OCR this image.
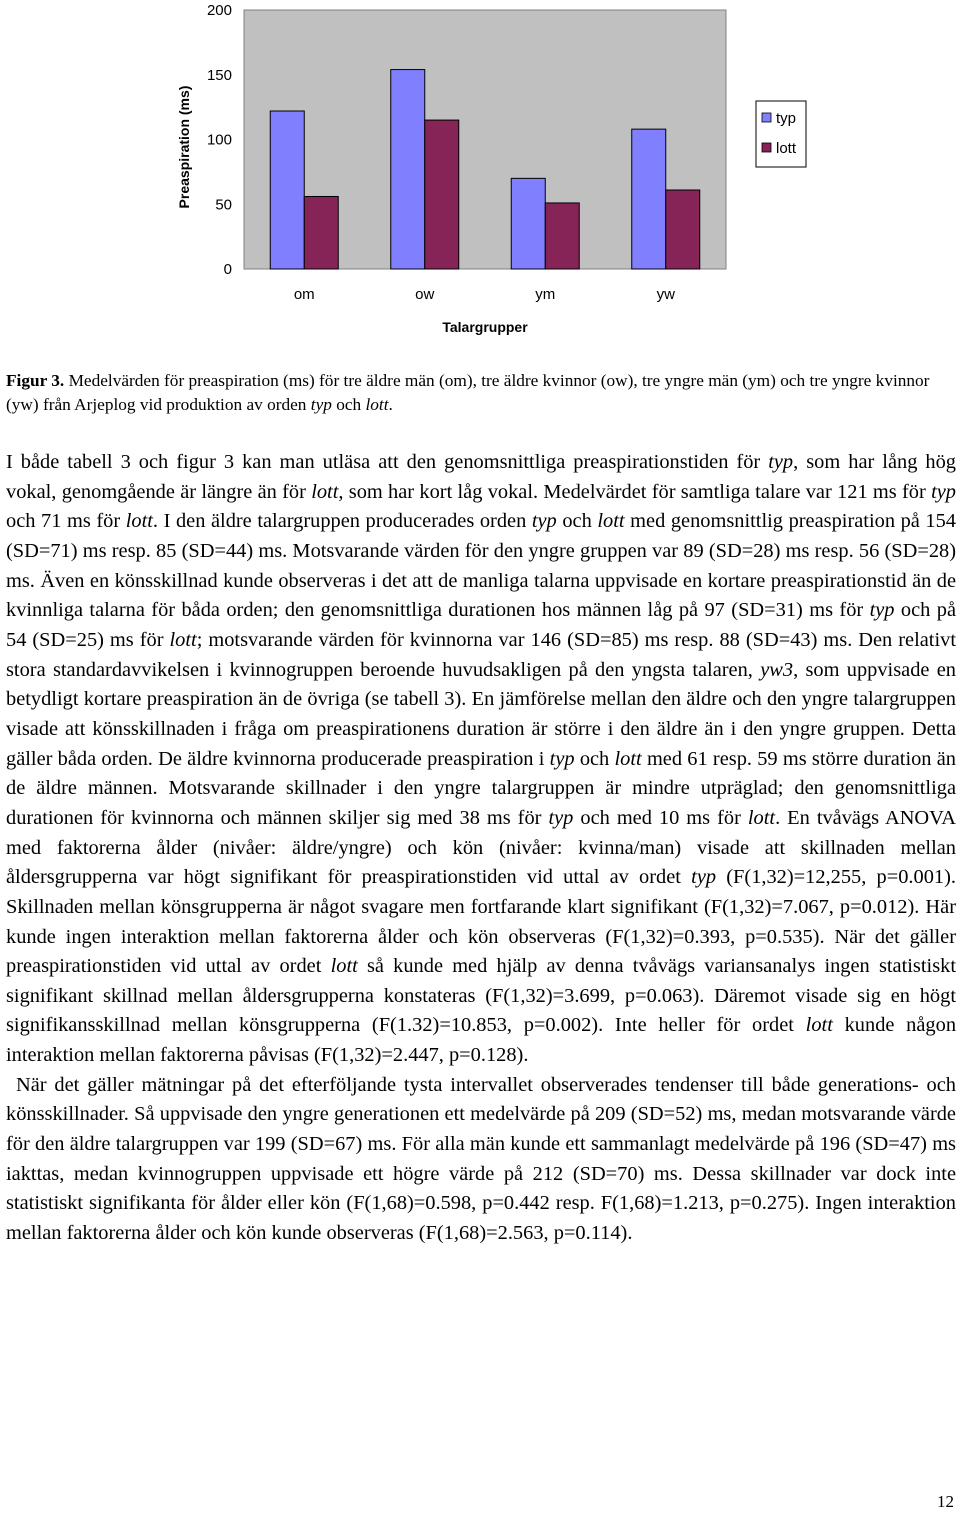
0
50
100
150
200
om	ow	ym	yw
Preaspiration (ms)
Talargrupper
typ
lott
Figur 3. Medelvärden för preaspiration (ms) för tre äldre män (om), tre äldre kvinnor (ow), tre yngre män (ym) och tre yngre kvinnor (yw) från Arjeplog vid produktion av orden typ och lott.

I både tabell 3 och figur 3 kan man utläsa att den genomsnittliga preaspirationstiden för typ, som har lång hög vokal, genomgående är längre än för lott, som har kort låg vokal. Medelvärdet för samtliga talare var 121 ms för typ och 71 ms för lott. I den äldre talargruppen producerades orden typ och lott med genomsnittlig preaspiration på 154 (SD=71) ms resp. 85 (SD=44) ms. Motsvarande värden för den yngre gruppen var 89 (SD=28) ms resp. 56 (SD=28) ms. Även en könsskillnad kunde observeras i det att de manliga talarna uppvisade en kortare preaspirationstid än de kvinnliga talarna för båda orden; den genomsnittliga durationen hos männen låg på 97 (SD=31) ms för typ och på 54 (SD=25) ms för lott; motsvarande värden för kvinnorna var 146 (SD=85) ms resp. 88 (SD=43) ms. Den relativt stora standardavvikelsen i kvinnogruppen beroende huvudsakligen på den yngsta talaren, yw3, som uppvisade en betydligt kortare preaspiration än de övriga (se tabell 3). En jämförelse mellan den äldre och den yngre talargruppen visade att könsskillnaden i fråga om preaspirationens duration är större i den äldre än i den yngre gruppen. Detta gäller båda orden. De äldre kvinnorna producerade preaspiration i typ och lott med 61 resp. 59 ms större duration än de äldre männen. Motsvarande skillnader i den yngre talargruppen är mindre utpräglad; den genomsnittliga durationen för kvinnorna och männen skiljer sig med 38 ms för typ och med 10 ms för lott. En tvåvägs ANOVA med faktorerna ålder (nivåer: äldre/yngre) och kön (nivåer: kvinna/man) visade att skillnaden mellan åldersgrupperna var högt signifikant för preaspirationstiden vid uttal av ordet typ (F(1,32)=12,255, p=0.001). Skillnaden mellan könsgrupperna är något svagare men fortfarande klart signifikant (F(1,32)=7.067, p=0.012). Här kunde ingen interaktion mellan faktorerna ålder och kön observeras (F(1,32)=0.393, p=0.535). När det gäller preaspirationstiden vid uttal av ordet lott så kunde med hjälp av denna tvåvägs variansanalys ingen statistiskt signifikant skillnad mellan åldersgrupperna konstateras (F(1,32)=3.699, p=0.063). Däremot visade sig en högt signifikansskillnad mellan könsgrupperna (F(1.32)=10.853, p=0.002). Inte heller för ordet lott kunde någon interaktion mellan faktorerna påvisas (F(1,32)=2.447, p=0.128).

När det gäller mätningar på det efterföljande tysta intervallet observerades tendenser till både generations- och könsskillnader. Så uppvisade den yngre generationen ett medelvärde på 209 (SD=52) ms, medan motsvarande värde för den äldre talargruppen var 199 (SD=67) ms. För alla män kunde ett sammanlagt medelvärde på 196 (SD=47) ms iakttas, medan kvinnogruppen uppvisade ett högre värde på 212 (SD=70) ms. Dessa skillnader var dock inte statistiskt signifikanta för ålder eller kön (F(1,68)=0.598, p=0.442 resp. F(1,68)=1.213, p=0.275). Ingen interaktion mellan faktorerna ålder och kön kunde observeras (F(1,68)=2.563, p=0.114).

12
